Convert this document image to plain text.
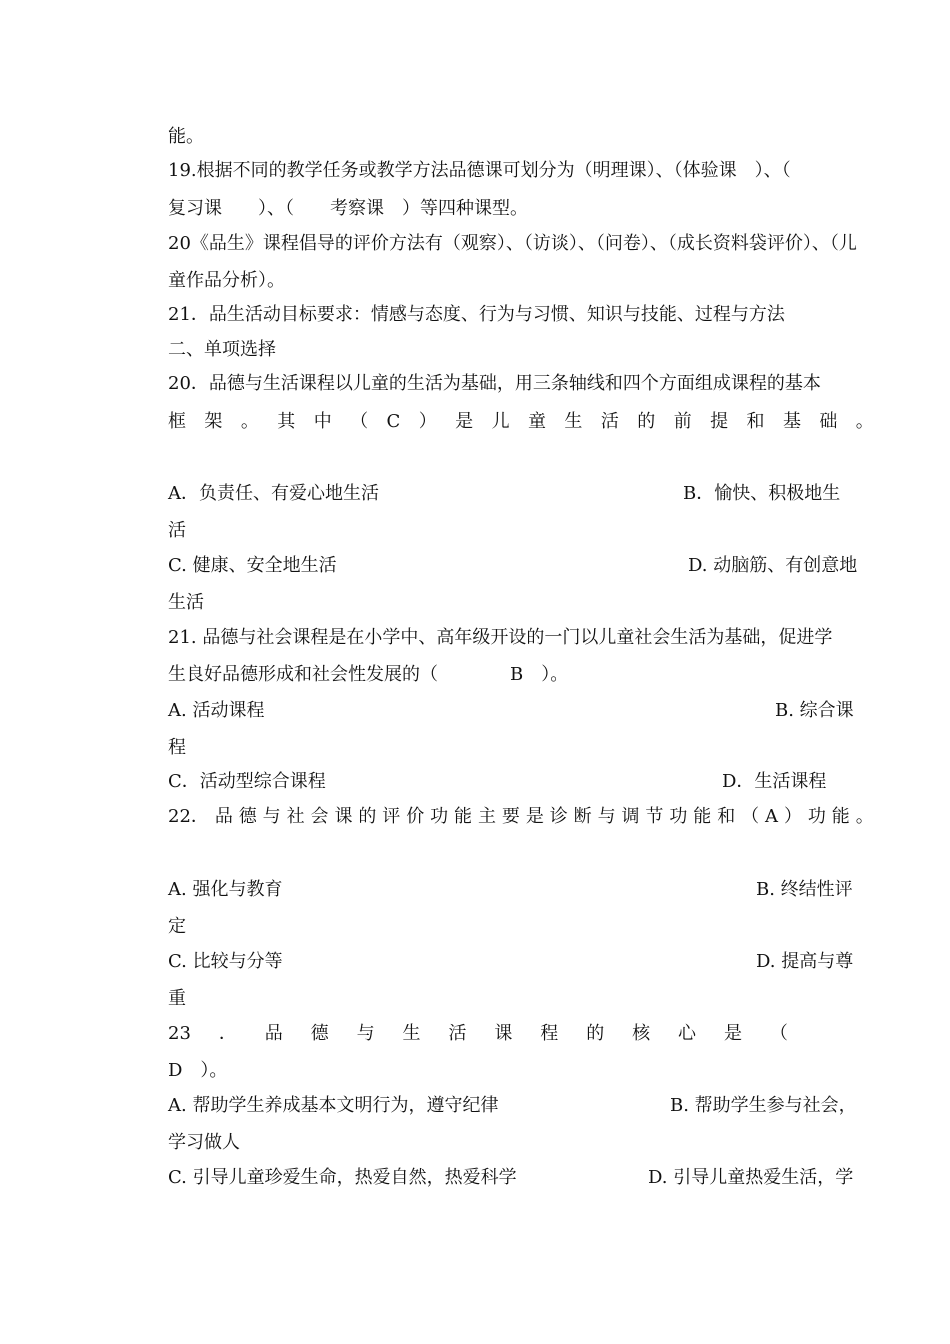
能。
19.根据不同的教学任务或教学方法品德课可划分为（明理课）、（体验课　）、（
复习课　　）、（　　考察课　）等四种课型。
20《品生》课程倡导的评价方法有（观察）、（访谈）、（问卷）、（成长资料袋评价）、（儿
童作品分析）。
21．品生活动目标要求：情感与态度、行为与习惯、知识与技能、过程与方法
二、单项选择
20．品德与生活课程以儿童的生活为基础，用三条轴线和四个方面组成课程的基本
框 架 。 其 中 （ C ） 是 儿 童 生 活 的 前 提 和 基 础 。
A．负责任、有爱心地生活	B．愉快、积极地生
活
C. 健康、安全地生活	D. 动脑筋、有创意地
生活
21. 品德与社会课程是在小学中、高年级开设的一门以儿童社会生活为基础，促进学
生良好品德形成和社会性发展的（　　　　B　）。
A. 活动课程	B. 综合课
程
C．活动型综合课程	D．生活课程
22． 品 德 与 社 会 课 的 评 价 功 能 主 要 是 诊 断 与 调 节 功 能 和 （ A ） 功 能 。
A. 强化与教育	B. 终结性评
定
C. 比较与分等	D. 提高与尊
重
23 ． 品 德 与 生 活 课 程 的 核 心 是 （
D　）。
A. 帮助学生养成基本文明行为，遵守纪律	B. 帮助学生参与社会，
学习做人
C. 引导儿童珍爱生命，热爱自然，热爱科学	D. 引导儿童热爱生活，学
